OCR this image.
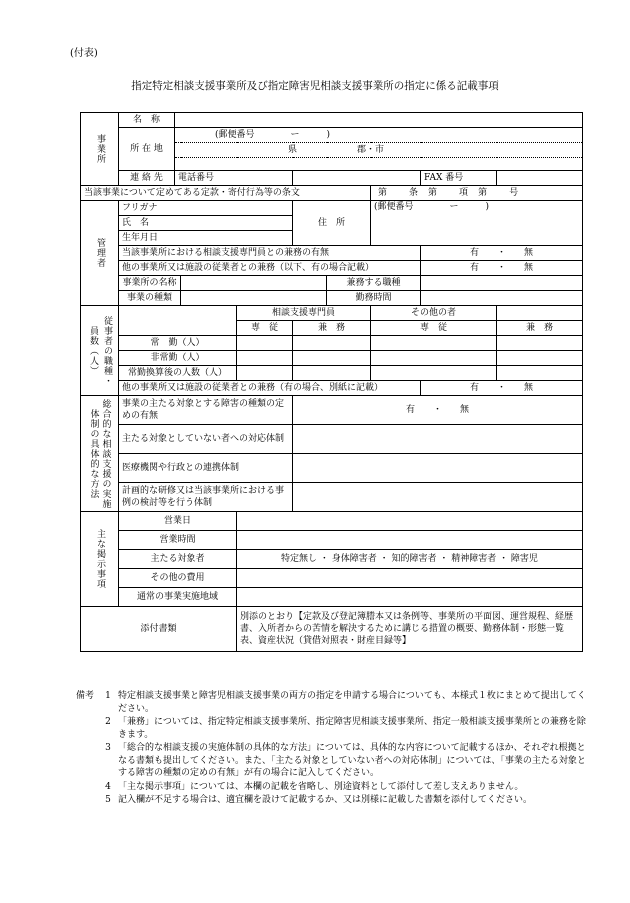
(付表)
指定特定相談支援事業所及び指定障害児相談支援事業所の指定に係る記載事項
事業所	名　称								
	所 在 地	(郵便番号　　　　ー　　　)							
		県 郡・市							

	連 絡 先	電話番号						FAX 番号	
当該事業について定めてある定款・寄付行為等の条文							第 条 第 項 第 号		
管理者	フリガナ				住　所		(郵便番号　　　　ー　　　)		
	氏　名								
	生年月日								
	当該事業所における相談支援専門員との兼務の有無							有　　 ・　　 無	
	他の事業所又は施設の従業者との兼務（以下、有の場合記載）							有　　 ・　　 無	
	事業所の名称					兼務する職種			
	事業の種類					勤務時間			

員数（人） 従事者の職種・				相談支援専門員			その他の者		
				専　従	兼　務		専　従		兼　務
	常　勤（人）								
	非常勤（人）								
	常勤換算後の人数（人）								
	他の事業所又は施設の従業者との兼務（有の場合、別紙に記載）							有　　 ・　　 無	
総合的な相談支援の実施体制の具体的な方法	事業の主たる対象とする障害の種類の定めの有無				有　　 ・　　 無				
	主たる対象としていない者への対応体制								
	医療機関や行政との連携体制								
	計画的な研修又は当該事業所における事例の検討等を行う体制								
主な掲示事項	営業日								
	営業時間								
	主たる対象者			特定無し ・ 身体障害者 ・ 知的障害者 ・ 精神障害者 ・ 障害児					
	その他の費用								
	通常の事業実施地域								
添付書類				別添のとおり【定款及び登記簿謄本又は条例等、事業所の平面図、運営規程、経歴書、入所者からの苦情を解決するために講じる措置の概要、勤務体制・形態一覧表、資産状況（貸借対照表・財産目録等】					
備考	1 特定相談支援事業と障害児相談支援事業の両方の指定を申請する場合についても、本様式１枚にまとめて提出してください。
2 「兼務」については、指定特定相談支援事業所、指定障害児相談支援事業所、指定一般相談支援事業所との兼務を除きます。
3 「総合的な相談支援の実施体制の具体的な方法」については、具体的な内容について記載するほか、それぞれ根拠となる書類も提出してください。また、「主たる対象としていない者への対応体制」については、「事業の主たる対象とする障害の種類の定めの有無」が有の場合に記入してください。
4 「主な掲示事項」については、本欄の記載を省略し、別途資料として添付して差し支えありません。
5 記入欄が不足する場合は、適宜欄を設けて記載するか、又は別様に記載した書類を添付してください。
